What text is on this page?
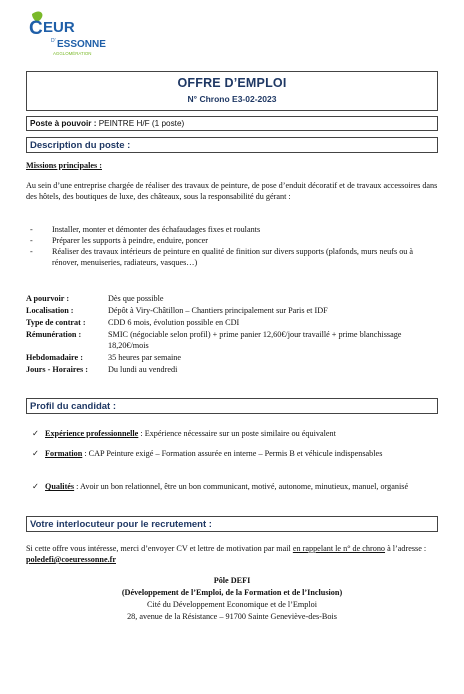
C EUR
D' ESSONNE
AGGLOMÉRATION
OFFRE D’EMPLOI
N° Chrono E3-02-2023
Poste à pouvoir : PEINTRE H/F (1 poste)
Description du poste :
Missions principales :
Au sein d’une entreprise chargée de réaliser des travaux de peinture, de pose d’enduit décoratif et de travaux accessoires dans des hôtels, des boutiques de luxe, des châteaux, sous la responsabilité du gérant :
- Installer, monter et démonter des échafaudages fixes et roulants
- Préparer les supports à peindre, enduire, poncer
- Réaliser des travaux intérieurs de peinture en qualité de finition sur divers supports (plafonds, murs neufs ou à rénover, menuiseries, radiateurs, vasques…)
A pourvoir :	Dès que possible
Localisation :	Dépôt à Viry-Châtillon – Chantiers principalement sur Paris et IDF
Type de contrat :	CDD 6 mois, évolution possible en CDI
Rémunération :	SMIC (négociable selon profil) + prime panier 12,60€/jour travaillé + prime blanchissage 18,20€/mois
Hebdomadaire :	35 heures par semaine
Jours - Horaires :	Du lundi au vendredi
Profil du candidat :
✓ Expérience professionnelle : Expérience nécessaire sur un poste similaire ou équivalent
✓ Formation : CAP Peinture exigé – Formation assurée en interne – Permis B et véhicule indispensables
✓ Qualités : Avoir un bon relationnel, être un bon communicant, motivé, autonome, minutieux, manuel, organisé
Votre interlocuteur pour le recrutement :
Si cette offre vous intéresse, merci d’envoyer CV et lettre de motivation par mail en rappelant le n° de chrono à l’adresse : poledefi@coeuressonne.fr
Pôle DEFI
(Développement de l’Emploi, de la Formation et de l’Inclusion)
Cité du Développement Economique et de l’Emploi
28, avenue de la Résistance – 91700 Sainte Geneviève-des-Bois
